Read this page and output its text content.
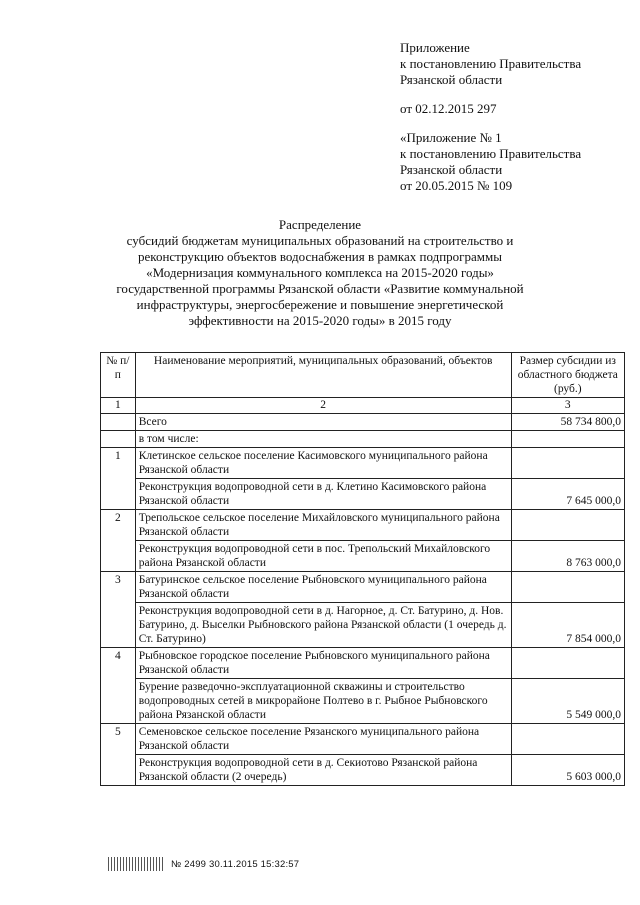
Приложение
к постановлению Правительства
Рязанской области
от 02.12.2015 297
«Приложение № 1
к постановлению Правительства
Рязанской области
от 20.05.2015 № 109
Распределение
субсидий бюджетам муниципальных образований на строительство и
реконструкцию объектов водоснабжения в рамках подпрограммы
«Модернизация коммунального комплекса на 2015-2020 годы»
государственной программы Рязанской области «Развитие коммунальной
инфраструктуры, энергосбережение и повышение энергетической
эффективности на 2015-2020 годы» в 2015 году
№ п/п	Наименование мероприятий, муниципальных образований, объектов	Размер субсидии из областного бюджета (руб.)
1	2	3
	Всего	58 734 800,0
	в том числе:	
1	Клетинское сельское поселение Касимовского муниципального района Рязанской области	
	Реконструкция водопроводной сети в д. Клетино Касимовского района Рязанской области	7 645 000,0
2	Трепольское сельское поселение Михайловского муниципального района Рязанской области	
	Реконструкция водопроводной сети в пос. Трепольский Михайловского района Рязанской области	8 763 000,0
3	Батуринское сельское поселение Рыбновского муниципального района Рязанской области	
	Реконструкция водопроводной сети в д. Нагорное, д. Ст. Батурино, д. Нов. Батурино, д. Выселки Рыбновского района Рязанской области (1 очередь д. Ст. Батурино)	7 854 000,0
4	Рыбновское городское поселение Рыбновского муниципального района Рязанской области	
	Бурение разведочно-эксплуатационной скважины и строительство водопроводных сетей в микрорайоне Полтево в г. Рыбное Рыбновского района Рязанской области	5 549 000,0
5	Семеновское сельское поселение Рязанского муниципального района Рязанской области	
	Реконструкция водопроводной сети в д. Секиотово Рязанской района Рязанской области (2 очередь)	5 603 000,0
№ 2499 30.11.2015 15:32:57
